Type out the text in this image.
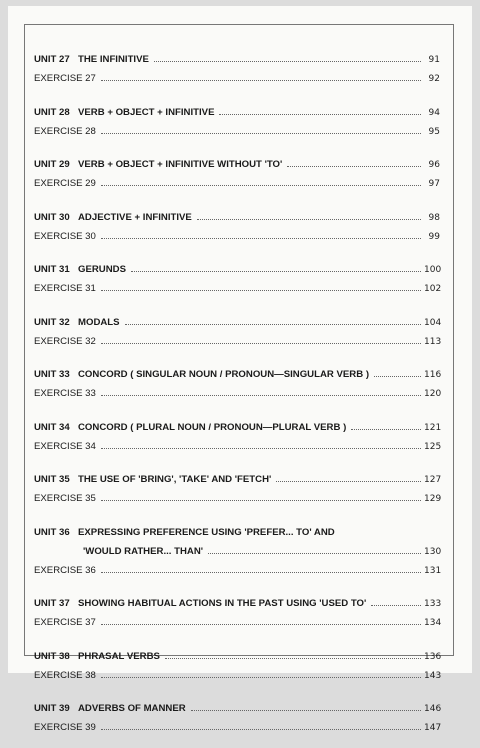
UNIT 27 THE INFINITIVE	91
EXERCISE 27	92
UNIT 28 VERB + OBJECT + INFINITIVE	94
EXERCISE 28	95
UNIT 29 VERB + OBJECT + INFINITIVE WITHOUT 'TO'	96
EXERCISE 29	97
UNIT 30 ADJECTIVE + INFINITIVE	98
EXERCISE 30	99
UNIT 31 GERUNDS	100
EXERCISE 31	102
UNIT 32 MODALS	104
EXERCISE 32	113
UNIT 33 CONCORD ( SINGULAR NOUN / PRONOUN—SINGULAR VERB )	116
EXERCISE 33	120
UNIT 34 CONCORD ( PLURAL NOUN / PRONOUN—PLURAL VERB )	121
EXERCISE 34	125
UNIT 35 THE USE OF 'BRING', 'TAKE' AND 'FETCH'	127
EXERCISE 35	129
UNIT 36 EXPRESSING PREFERENCE USING 'PREFER... TO' AND
'WOULD RATHER... THAN'	130
EXERCISE 36	131
UNIT 37 SHOWING HABITUAL ACTIONS IN THE PAST USING 'USED TO'	133
EXERCISE 37	134
UNIT 38 PHRASAL VERBS	136
EXERCISE 38	143
UNIT 39 ADVERBS OF MANNER	146
EXERCISE 39	147
